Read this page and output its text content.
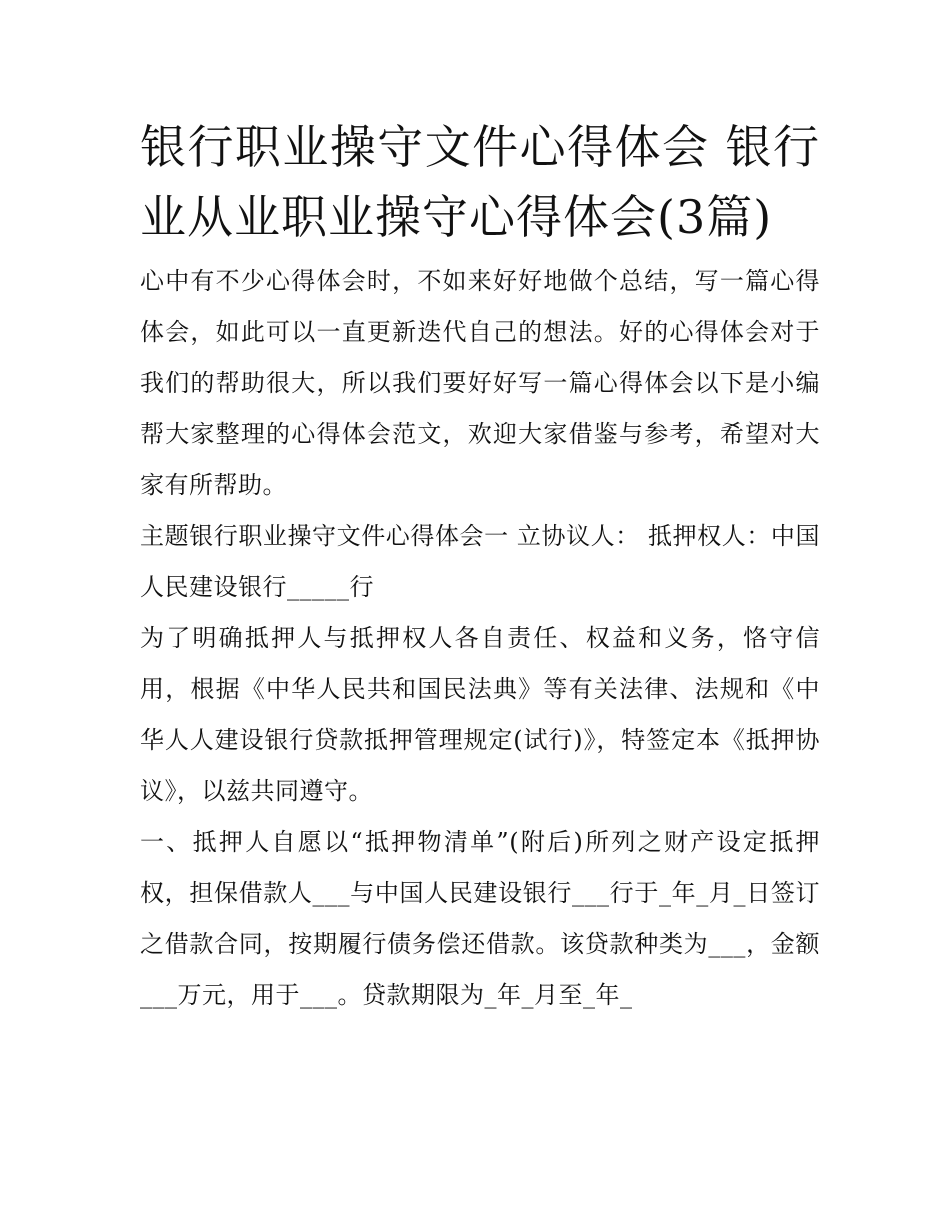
银行职业操守文件心得体会 银行业从业职业操守心得体会(3篇)

心中有不少心得体会时，不如来好好地做个总结，写一篇心得体会，如此可以一直更新迭代自己的想法。好的心得体会对于我们的帮助很大，所以我们要好好写一篇心得体会以下是小编帮大家整理的心得体会范文，欢迎大家借鉴与参考，希望对大家有所帮助。

主题银行职业操守文件心得体会一 立协议人： 抵押权人：中国人民建设银行_____行

为了明确抵押人与抵押权人各自责任、权益和义务，恪守信用，根据《中华人民共和国民法典》等有关法律、法规和《中华人人建设银行贷款抵押管理规定(试行)》，特签定本《抵押协议》，以兹共同遵守。

一、抵押人自愿以“抵押物清单”(附后)所列之财产设定抵押权，担保借款人___与中国人民建设银行___行于_年_月_日签订之借款合同，按期履行债务偿还借款。该贷款种类为___，金额___万元，用于___。贷款期限为_年_月至_年_
